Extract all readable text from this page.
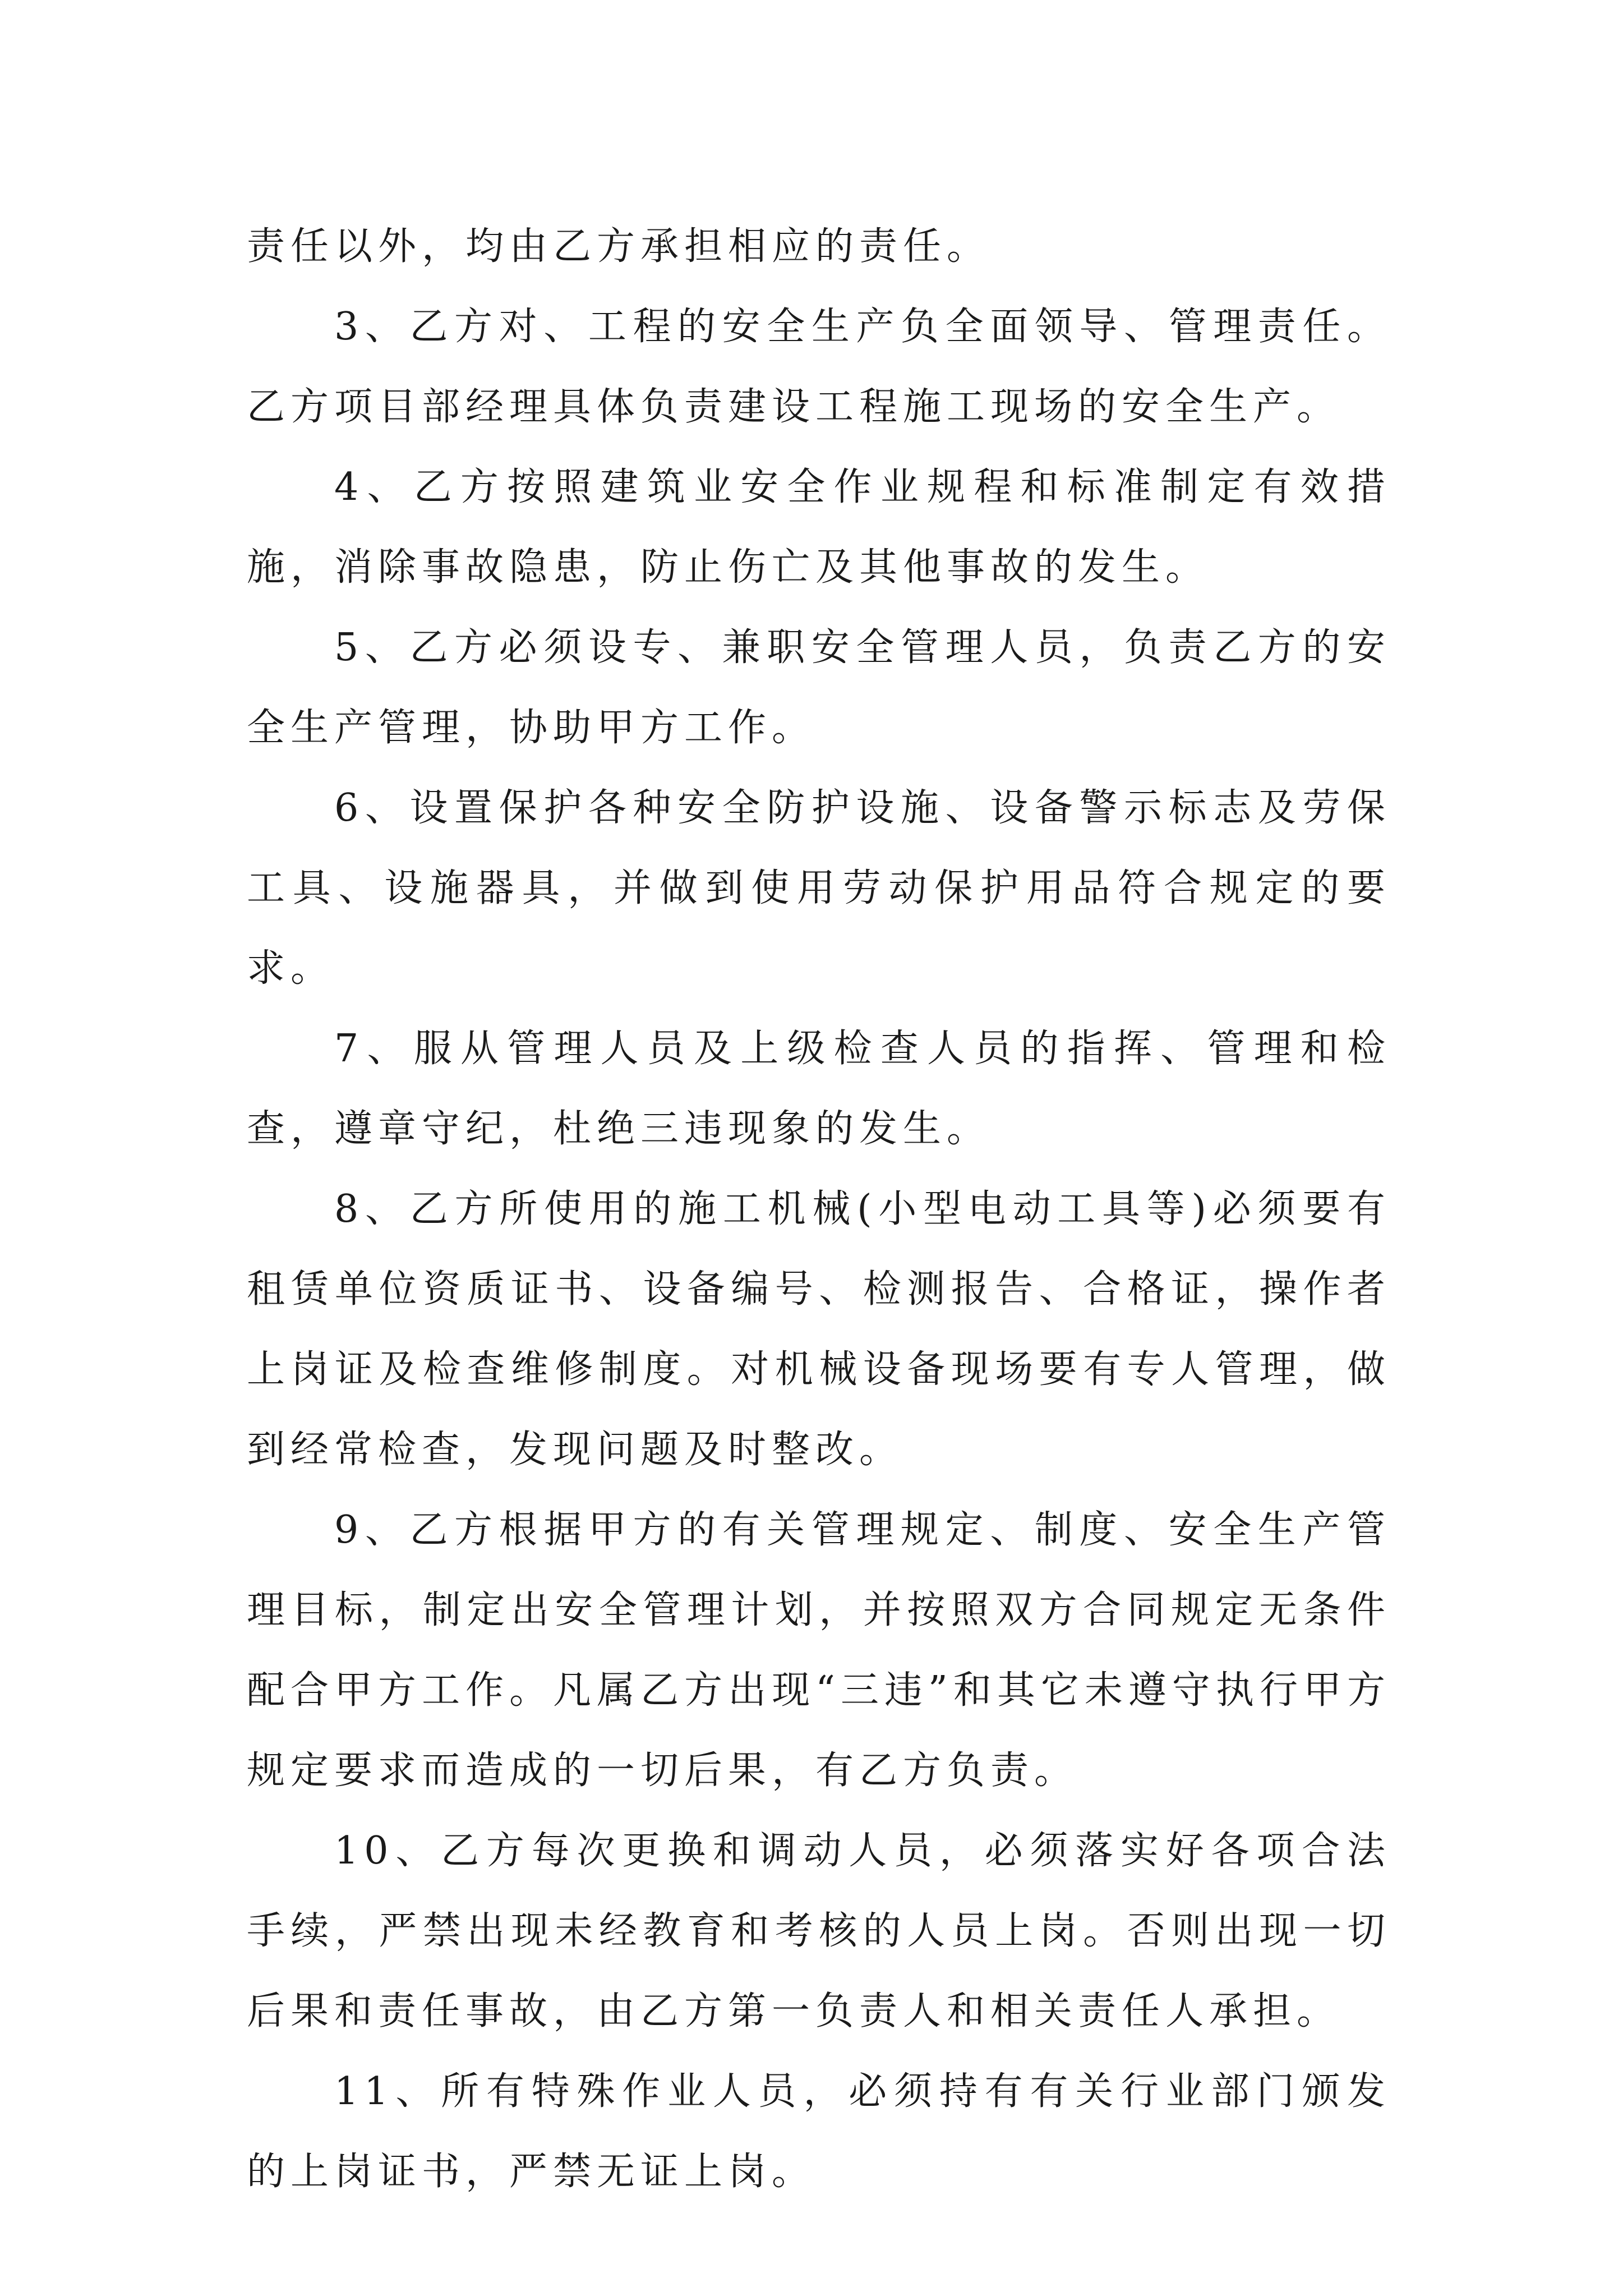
责任以外，均由乙方承担相应的责任。

3、乙方对、工程的安全生产负全面领导、管理责任。乙方项目部经理具体负责建设工程施工现场的安全生产。

4、乙方按照建筑业安全作业规程和标准制定有效措施，消除事故隐患，防止伤亡及其他事故的发生。

5、乙方必须设专、兼职安全管理人员，负责乙方的安全生产管理，协助甲方工作。

6、设置保护各种安全防护设施、设备警示标志及劳保工具、设施器具，并做到使用劳动保护用品符合规定的要求。

7、服从管理人员及上级检查人员的指挥、管理和检查，遵章守纪，杜绝三违现象的发生。

8、乙方所使用的施工机械(小型电动工具等)必须要有租赁单位资质证书、设备编号、检测报告、合格证，操作者上岗证及检查维修制度。对机械设备现场要有专人管理，做到经常检查，发现问题及时整改。

9、乙方根据甲方的有关管理规定、制度、安全生产管理目标，制定出安全管理计划，并按照双方合同规定无条件配合甲方工作。凡属乙方出现“三违”和其它未遵守执行甲方规定要求而造成的一切后果，有乙方负责。

10、乙方每次更换和调动人员，必须落实好各项合法手续，严禁出现未经教育和考核的人员上岗。否则出现一切后果和责任事故，由乙方第一负责人和相关责任人承担。

11、所有特殊作业人员，必须持有有关行业部门颁发的上岗证书，严禁无证上岗。
